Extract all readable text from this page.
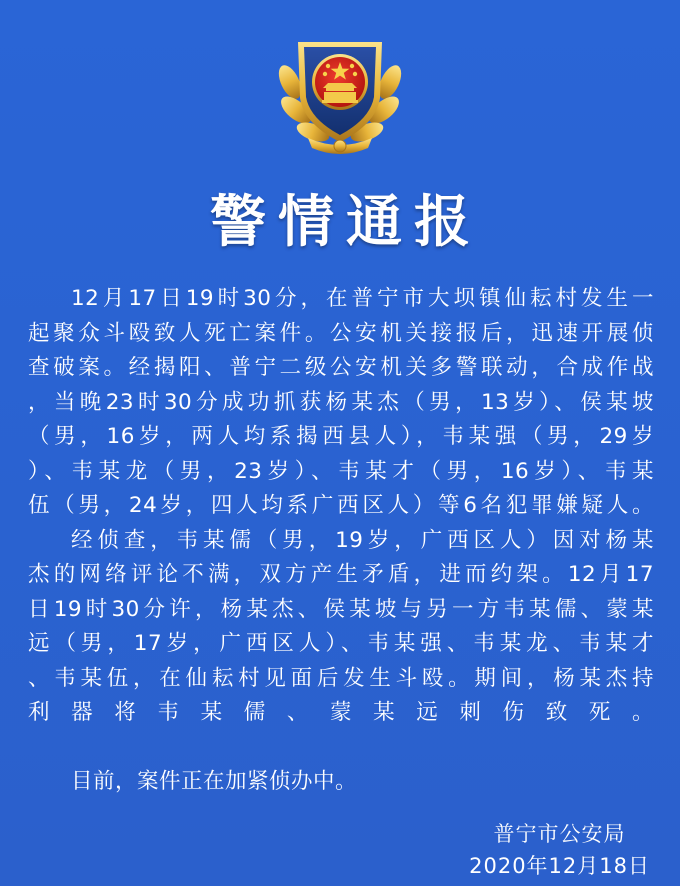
警情通报
12月17日19时30分，在普宁市大坝镇仙耘村发生一
起聚众斗殴致人死亡案件。公安机关接报后，迅速开展侦
查破案。经揭阳、普宁二级公安机关多警联动，合成作战
，当晚23时30分成功抓获杨某杰（男，13岁）、侯某坡
（男，16岁，两人均系揭西县人），韦某强（男，29岁
）、韦某龙（男，23岁）、韦某才（男，16岁）、韦某
伍（男，24岁，四人均系广西区人）等6名犯罪嫌疑人。
经侦查，韦某儒（男，19岁，广西区人）因对杨某
杰的网络评论不满，双方产生矛盾，进而约架。12月17
日19时30分许，杨某杰、侯某坡与另一方韦某儒、蒙某
远（男，17岁，广西区人）、韦某强、韦某龙、韦某才
、韦某伍，在仙耘村见面后发生斗殴。期间，杨某杰持
利器将韦某儒、蒙某远刺伤致死。
目前，案件正在加紧侦办中。
普宁市公安局
2020年12月18日
